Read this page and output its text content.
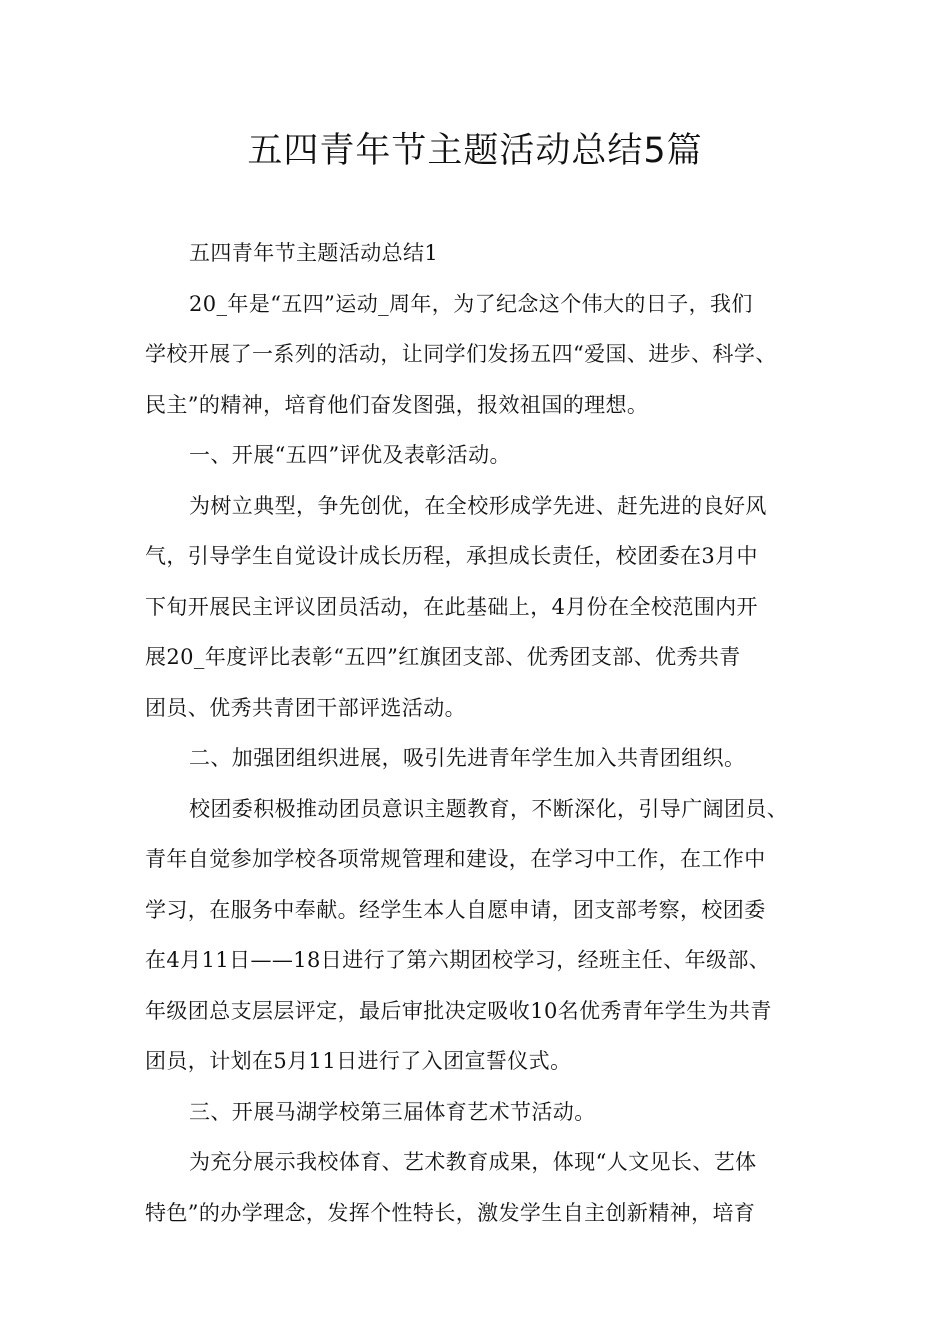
五四青年节主题活动总结5篇
五四青年节主题活动总结1
20_年是“五四”运动_周年，为了纪念这个伟大的日子，我们
学校开展了一系列的活动，让同学们发扬五四“爱国、进步、科学、
民主”的精神，培育他们奋发图强，报效祖国的理想。
一、开展“五四”评优及表彰活动。
为树立典型，争先创优，在全校形成学先进、赶先进的良好风
气，引导学生自觉设计成长历程，承担成长责任，校团委在3月中
下旬开展民主评议团员活动，在此基础上，4月份在全校范围内开
展20_年度评比表彰“五四”红旗团支部、优秀团支部、优秀共青
团员、优秀共青团干部评选活动。
二、加强团组织进展，吸引先进青年学生加入共青团组织。
校团委积极推动团员意识主题教育，不断深化，引导广阔团员、
青年自觉参加学校各项常规管理和建设，在学习中工作，在工作中
学习，在服务中奉献。经学生本人自愿申请，团支部考察，校团委
在4月11日——18日进行了第六期团校学习，经班主任、年级部、
年级团总支层层评定，最后审批决定吸收10名优秀青年学生为共青
团员，计划在5月11日进行了入团宣誓仪式。
三、开展马湖学校第三届体育艺术节活动。
为充分展示我校体育、艺术教育成果，体现“人文见长、艺体
特色”的办学理念，发挥个性特长，激发学生自主创新精神，培育
